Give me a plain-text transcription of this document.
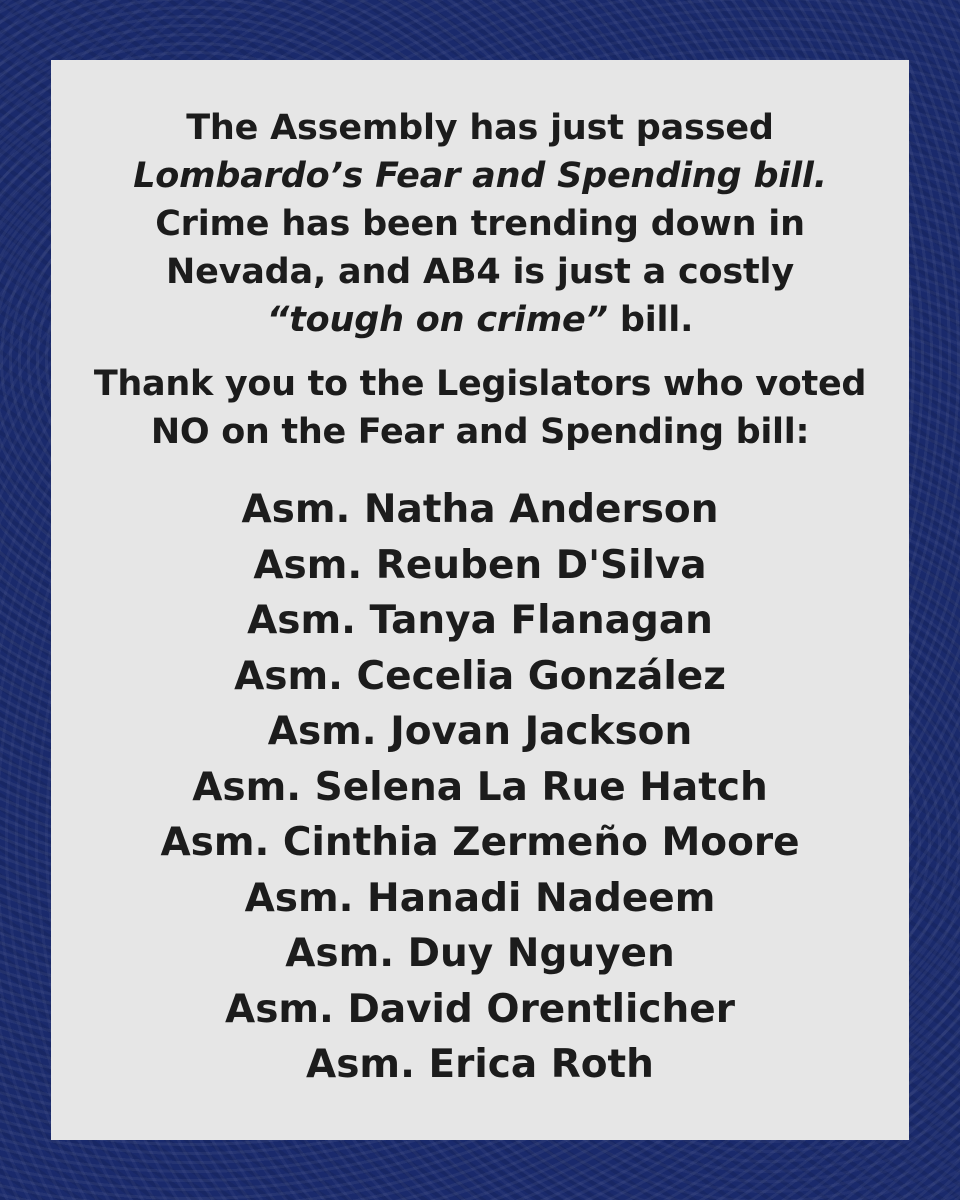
The Assembly has just passed
Lombardo’s Fear and Spending bill.
Crime has been trending down in
Nevada, and AB4 is just a costly
“tough on crime” bill.

Thank you to the Legislators who voted
NO on the Fear and Spending bill:

Asm. Natha Anderson
Asm. Reuben D'Silva
Asm. Tanya Flanagan
Asm. Cecelia González
Asm. Jovan Jackson
Asm. Selena La Rue Hatch
Asm. Cinthia Zermeño Moore
Asm. Hanadi Nadeem
Asm. Duy Nguyen
Asm. David Orentlicher
Asm. Erica Roth
